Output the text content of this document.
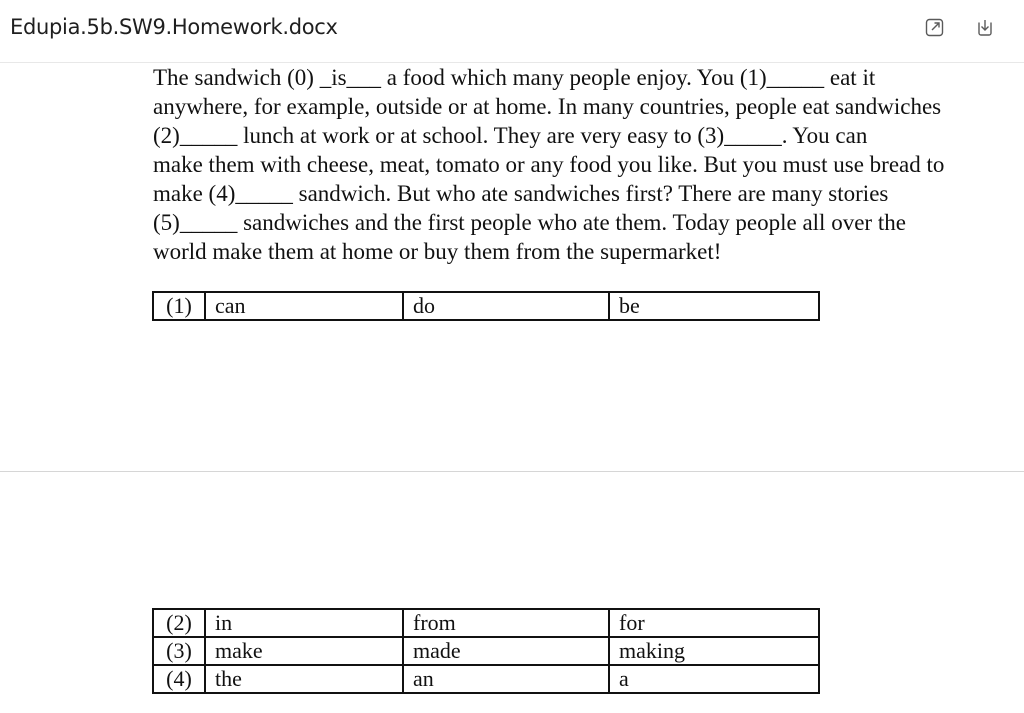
Edupia.5b.SW9.Homework.docx
The sandwich (0) _is___ a food which many people enjoy. You (1)_____ eat it
anywhere, for example, outside or at home. In many countries, people eat sandwiches
(2)_____ lunch at work or at school. They are very easy to (3)_____. You can
make them with cheese, meat, tomato or any food you like. But you must use bread to
make (4)_____ sandwich. But who ate sandwiches first? There are many stories
(5)_____ sandwiches and the first people who ate them. Today people all over the
world make them at home or buy them from the supermarket!
(1)	can	do	be
(2)	in	from	for
(3)	make	made	making
(4)	the	an	a
